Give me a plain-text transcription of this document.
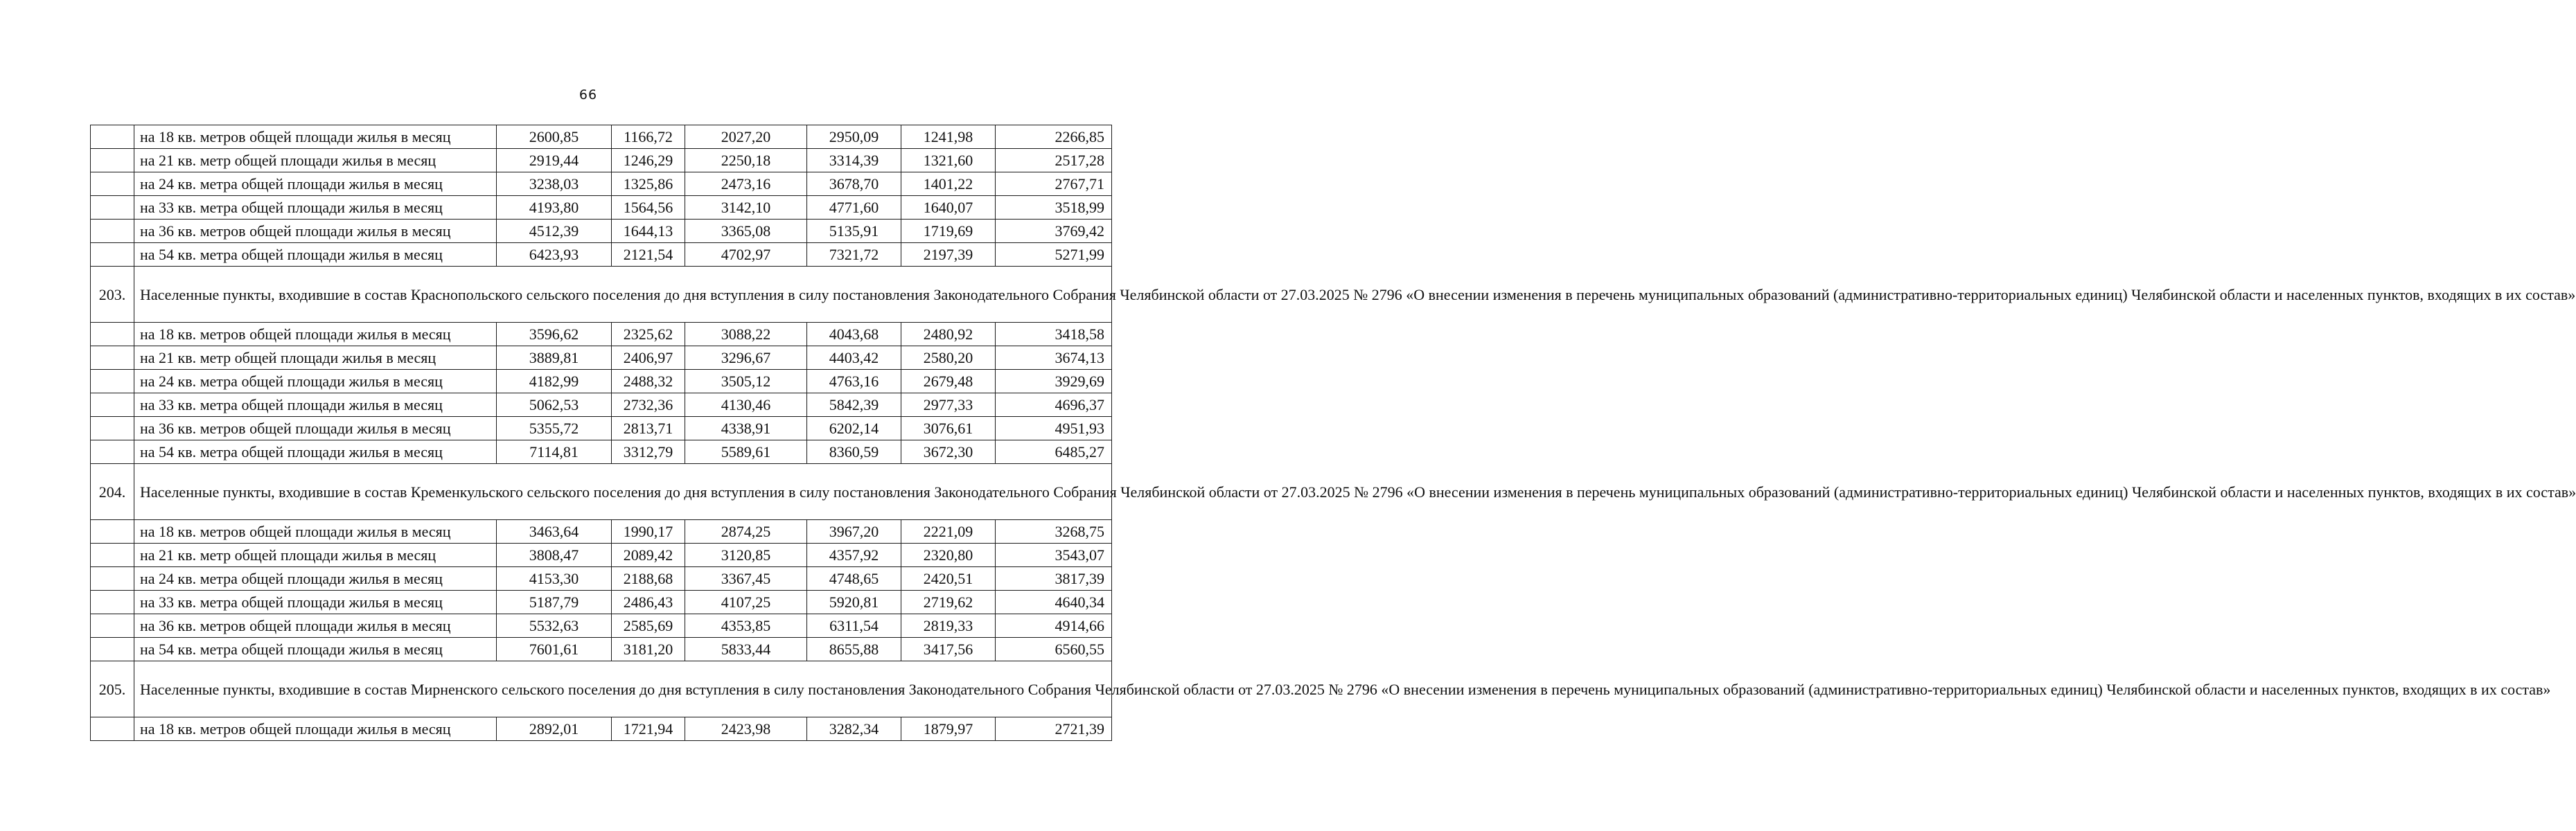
66
	на 18 кв. метров общей площади жилья в месяц	2600,85	1166,72	2027,20	2950,09	1241,98	2266,85
	на 21 кв. метр общей площади жилья в месяц	2919,44	1246,29	2250,18	3314,39	1321,60	2517,28
	на 24 кв. метра общей площади жилья в месяц	3238,03	1325,86	2473,16	3678,70	1401,22	2767,71
	на 33 кв. метра общей площади жилья в месяц	4193,80	1564,56	3142,10	4771,60	1640,07	3518,99
	на 36 кв. метров общей площади жилья в месяц	4512,39	1644,13	3365,08	5135,91	1719,69	3769,42
	на 54 кв. метра общей площади жилья в месяц	6423,93	2121,54	4702,97	7321,72	2197,39	5271,99
203.	Населенные пункты, входившие в состав Краснопольского сельского поселения до дня вступления в силу постановления Законодательного Собрания Челябинской области от 27.03.2025 № 2796 «О внесении изменения в перечень муниципальных образований (административно-территориальных единиц) Челябинской области и населенных пунктов, входящих в их состав»						
	на 18 кв. метров общей площади жилья в месяц	3596,62	2325,62	3088,22	4043,68	2480,92	3418,58
	на 21 кв. метр общей площади жилья в месяц	3889,81	2406,97	3296,67	4403,42	2580,20	3674,13
	на 24 кв. метра общей площади жилья в месяц	4182,99	2488,32	3505,12	4763,16	2679,48	3929,69
	на 33 кв. метра общей площади жилья в месяц	5062,53	2732,36	4130,46	5842,39	2977,33	4696,37
	на 36 кв. метров общей площади жилья в месяц	5355,72	2813,71	4338,91	6202,14	3076,61	4951,93
	на 54 кв. метра общей площади жилья в месяц	7114,81	3312,79	5589,61	8360,59	3672,30	6485,27
204.	Населенные пункты, входившие в состав Кременкульского сельского поселения до дня вступления в силу постановления Законодательного Собрания Челябинской области от 27.03.2025 № 2796 «О внесении изменения в перечень муниципальных образований (административно-территориальных единиц) Челябинской области и населенных пунктов, входящих в их состав»						
	на 18 кв. метров общей площади жилья в месяц	3463,64	1990,17	2874,25	3967,20	2221,09	3268,75
	на 21 кв. метр общей площади жилья в месяц	3808,47	2089,42	3120,85	4357,92	2320,80	3543,07
	на 24 кв. метра общей площади жилья в месяц	4153,30	2188,68	3367,45	4748,65	2420,51	3817,39
	на 33 кв. метра общей площади жилья в месяц	5187,79	2486,43	4107,25	5920,81	2719,62	4640,34
	на 36 кв. метров общей площади жилья в месяц	5532,63	2585,69	4353,85	6311,54	2819,33	4914,66
	на 54 кв. метра общей площади жилья в месяц	7601,61	3181,20	5833,44	8655,88	3417,56	6560,55
205.	Населенные пункты, входившие в состав Мирненского сельского поселения до дня вступления в силу постановления Законодательного Собрания Челябинской области от 27.03.2025 № 2796 «О внесении изменения в перечень муниципальных образований (административно-территориальных единиц) Челябинской области и населенных пунктов, входящих в их состав»						
	на 18 кв. метров общей площади жилья в месяц	2892,01	1721,94	2423,98	3282,34	1879,97	2721,39
